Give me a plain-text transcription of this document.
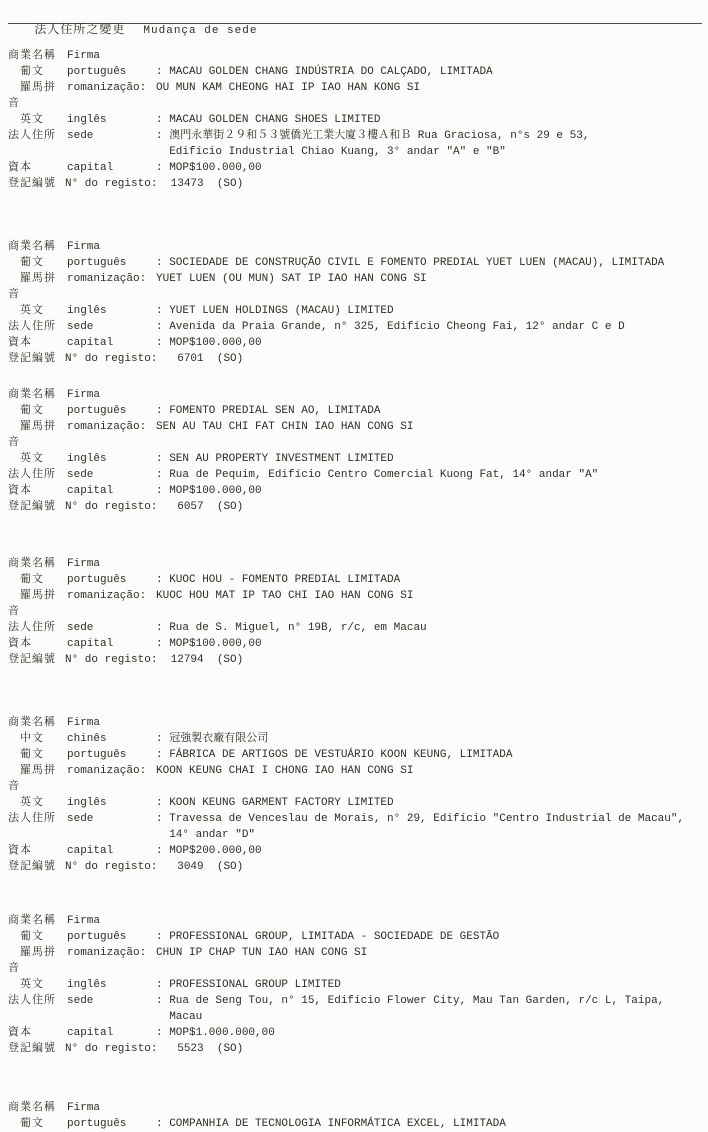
法人住所之變更 Mudança de sede

商業名稱	Firma
葡文	português	: MACAU GOLDEN CHANG INDÚSTRIA DO CALÇADO, LIMITADA
羅馬拼音
romanização: OU MUN KAM CHEONG HAI IP IAO HAN KONG SI
英文	inglês	: MACAU GOLDEN CHANG SHOES LIMITED
法人住所	sede	: 澳門永華街２９和５３號僑光工業大廈３樓Ａ和Ｂ Rua Graciosa, n°s 29 e 53,
Edifício Industrial Chiao Kuang, 3° andar "A" e "B"
資本	capital	: MOP$100.000,00
登記編號 N° do registo: 13473  (SO)
商業名稱	Firma
葡文	português	: SOCIEDADE DE CONSTRUÇÃO CIVIL E FOMENTO PREDIAL YUET LUEN (MACAU), LIMITADA
羅馬拼音
romanização: YUET LUEN (OU MUN) SAT IP IAO HAN CONG SI
英文	inglês	: YUET LUEN HOLDINGS (MACAU) LIMITED
法人住所	sede	: Avenida da Praia Grande, n° 325, Edifício Cheong Fai, 12° andar C e D
資本	capital	: MOP$100.000,00
登記編號 N° do registo: 6701  (SO)
商業名稱	Firma
葡文	português	: FOMENTO PREDIAL SEN AO, LIMITADA
羅馬拼音
romanização: SEN AU TAU CHI FAT CHIN IAO HAN CONG SI
英文	inglês	: SEN AU PROPERTY INVESTMENT LIMITED
法人住所	sede	: Rua de Pequim, Edifício Centro Comercial Kuong Fat, 14° andar "A"
資本	capital	: MOP$100.000,00
登記編號 N° do registo: 6057  (SO)
商業名稱	Firma
葡文	português	: KUOC HOU - FOMENTO PREDIAL LIMITADA
羅馬拼音
romanização: KUOC HOU MAT IP TAO CHI IAO HAN CONG SI
法人住所	sede	: Rua de S. Miguel, n° 19B, r/c, em Macau
資本	capital	: MOP$100.000,00
登記編號 N° do registo: 12794  (SO)
商業名稱	Firma
中文	chinês	: 冠強製衣廠有限公司
葡文	português	: FÁBRICA DE ARTIGOS DE VESTUÁRIO KOON KEUNG, LIMITADA
羅馬拼音
romanização: KOON KEUNG CHAI I CHONG IAO HAN CONG SI
英文	inglês	: KOON KEUNG GARMENT FACTORY LIMITED
法人住所	sede	: Travessa de Venceslau de Morais, n° 29, Edifício "Centro Industrial de Macau",
14° andar "D"
資本	capital	: MOP$200.000,00
登記編號 N° do registo: 3049  (SO)
商業名稱	Firma
葡文	português	: PROFESSIONAL GROUP, LIMITADA - SOCIEDADE DE GESTÃO
羅馬拼音
romanização: CHUN IP CHAP TUN IAO HAN CONG SI
英文	inglês	: PROFESSIONAL GROUP LIMITED
法人住所	sede	: Rua de Seng Tou, n° 15, Edifício Flower City, Mau Tan Garden, r/c L, Taipa,
Macau
資本	capital	: MOP$1.000.000,00
登記編號 N° do registo: 5523  (SO)
商業名稱	Firma
葡文	português	: COMPANHIA DE TECNOLOGIA INFORMÁTICA EXCEL, LIMITADA
